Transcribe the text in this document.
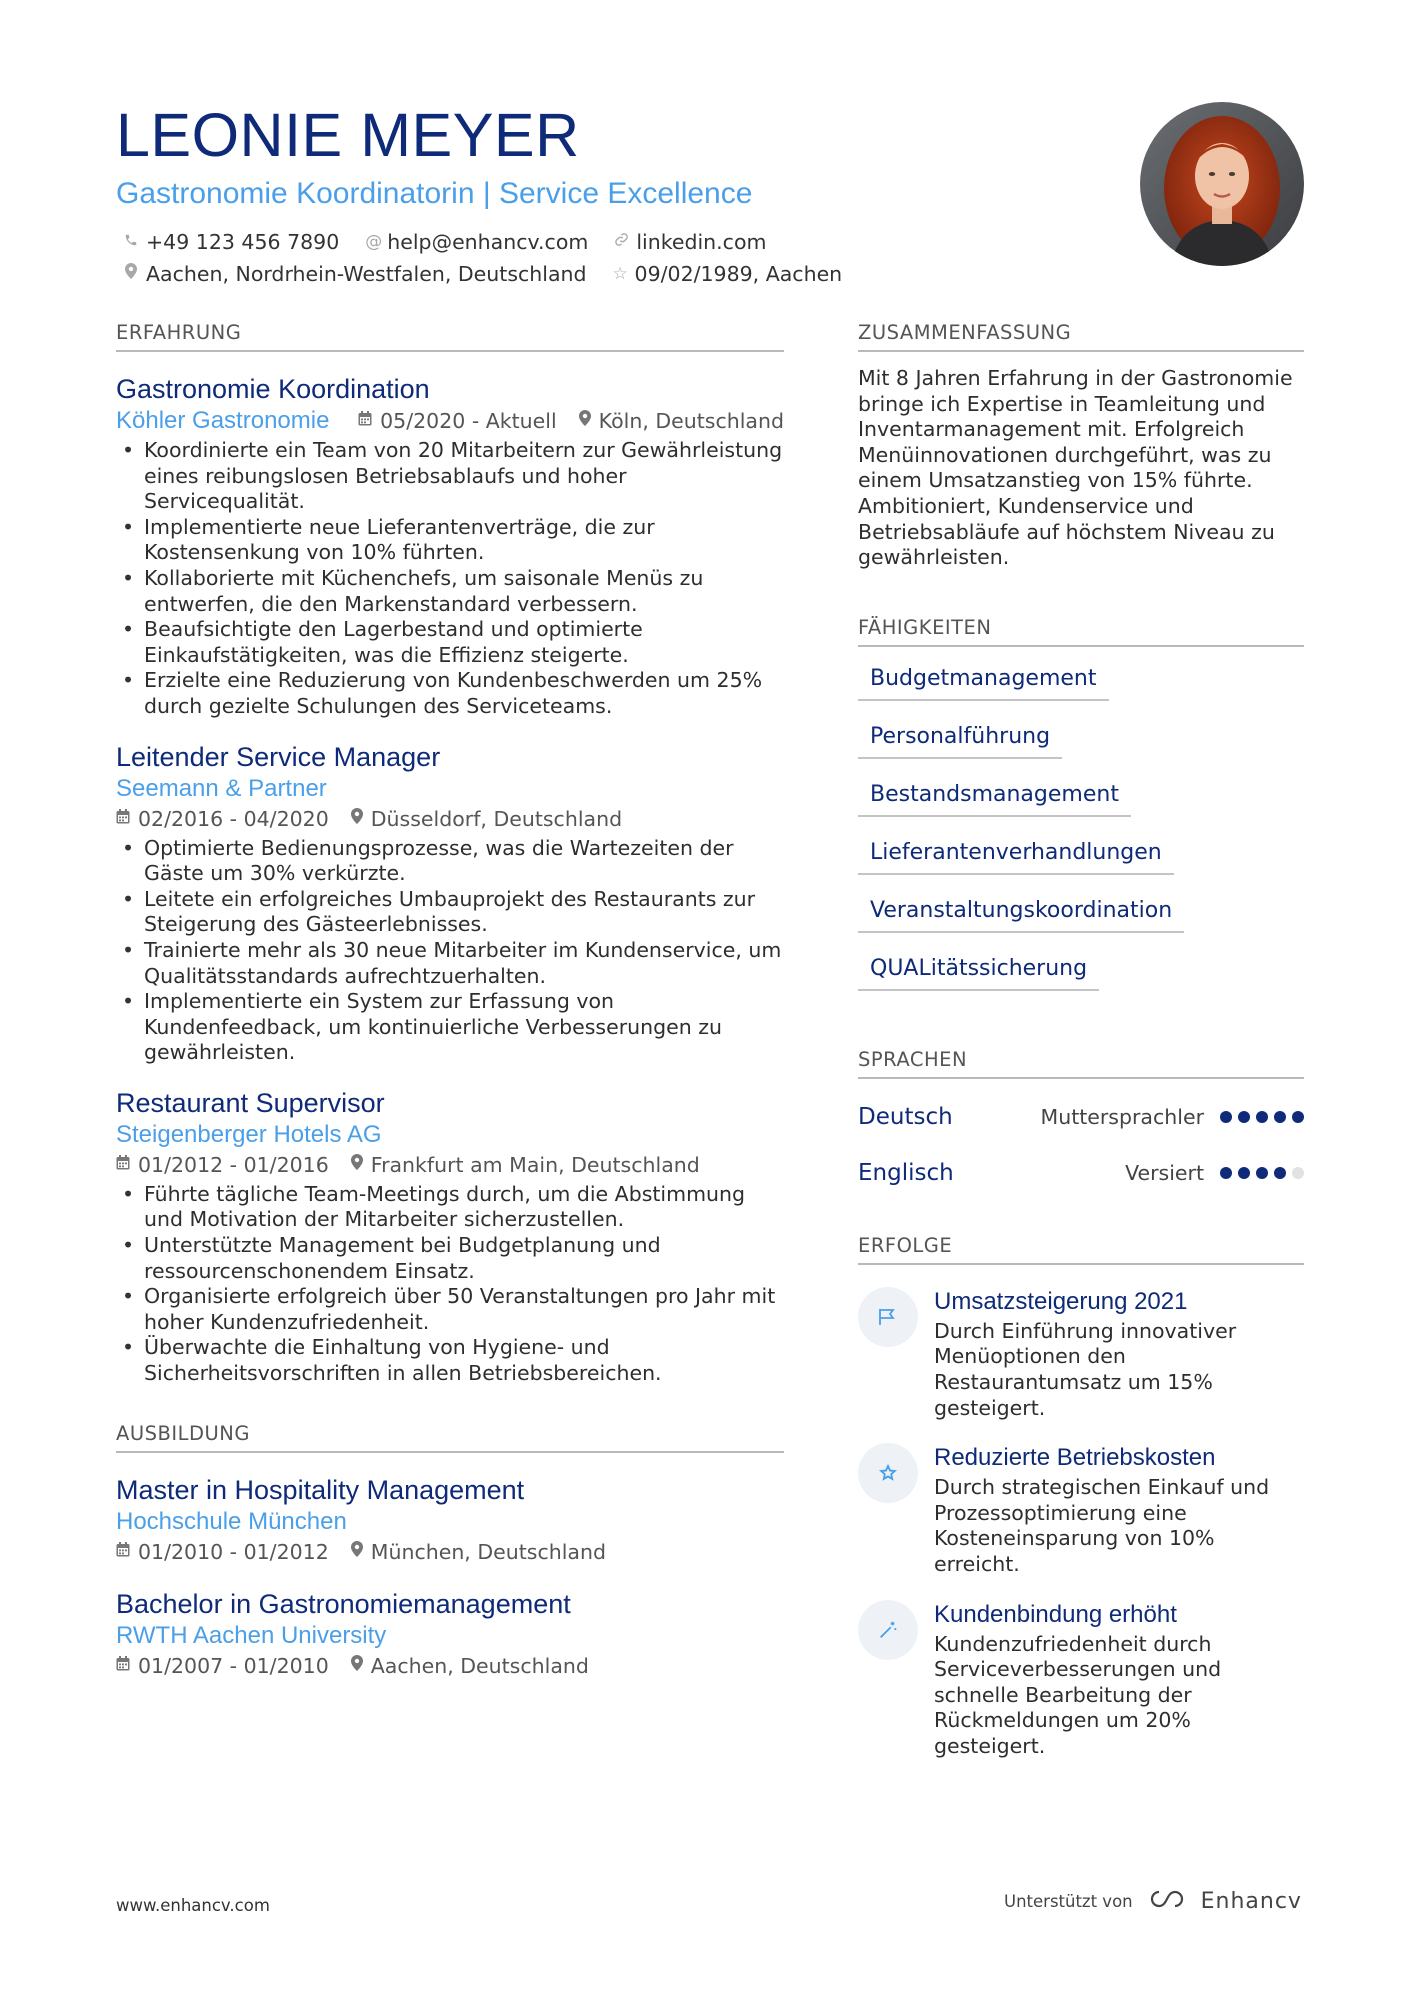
LEONIE MEYER
Gastronomie Koordinatorin | Service Excellence
+49 123 456 7890 @ help@enhancv.com linkedin.com
Aachen, Nordrhein-Westfalen, Deutschland ☆ 09/02/1989, Aachen
ERFAHRUNG
Gastronomie Koordination
Köhler Gastronomie 05/2020 - Aktuell Köln, Deutschland
• Koordinierte ein Team von 20 Mitarbeitern zur Gewährleistung eines reibungslosen Betriebsablaufs und hoher Servicequalität.
• Implementierte neue Lieferantenverträge, die zur Kostensenkung von 10% führten.
• Kollaborierte mit Küchenchefs, um saisonale Menüs zu entwerfen, die den Markenstandard verbessern.
• Beaufsichtigte den Lagerbestand und optimierte Einkaufstätigkeiten, was die Effizienz steigerte.
• Erzielte eine Reduzierung von Kundenbeschwerden um 25% durch gezielte Schulungen des Serviceteams.
Leitender Service Manager
Seemann & Partner
02/2016 - 04/2020 Düsseldorf, Deutschland
• Optimierte Bedienungsprozesse, was die Wartezeiten der Gäste um 30% verkürzte.
• Leitete ein erfolgreiches Umbauprojekt des Restaurants zur Steigerung des Gästeerlebnisses.
• Trainierte mehr als 30 neue Mitarbeiter im Kundenservice, um Qualitätsstandards aufrechtzuerhalten.
• Implementierte ein System zur Erfassung von Kundenfeedback, um kontinuierliche Verbesserungen zu gewährleisten.
Restaurant Supervisor
Steigenberger Hotels AG
01/2012 - 01/2016 Frankfurt am Main, Deutschland
• Führte tägliche Team-Meetings durch, um die Abstimmung und Motivation der Mitarbeiter sicherzustellen.
• Unterstützte Management bei Budgetplanung und ressourcenschonendem Einsatz.
• Organisierte erfolgreich über 50 Veranstaltungen pro Jahr mit hoher Kundenzufriedenheit.
• Überwachte die Einhaltung von Hygiene- und Sicherheitsvorschriften in allen Betriebsbereichen.
AUSBILDUNG
Master in Hospitality Management
Hochschule München
01/2010 - 01/2012 München, Deutschland
Bachelor in Gastronomiemanagement
RWTH Aachen University
01/2007 - 01/2010 Aachen, Deutschland
ZUSAMMENFASSUNG
Mit 8 Jahren Erfahrung in der Gastronomie bringe ich Expertise in Teamleitung und Inventarmanagement mit. Erfolgreich Menüinnovationen durchgeführt, was zu einem Umsatzanstieg von 15% führte. Ambitioniert, Kundenservice und Betriebsabläufe auf höchstem Niveau zu gewährleisten.
FÄHIGKEITEN
Budgetmanagement
Personalführung
Bestandsmanagement
Lieferantenverhandlungen
Veranstaltungskoordination
QUALitätssicherung
SPRACHEN
Deutsch	Muttersprachler
Englisch	Versiert
ERFOLGE
Umsatzsteigerung 2021
Durch Einführung innovativer Menüoptionen den Restaurantumsatz um 15% gesteigert.
Reduzierte Betriebskosten
Durch strategischen Einkauf und Prozessoptimierung eine Kosteneinsparung von 10% erreicht.
Kundenbindung erhöht
Kundenzufriedenheit durch Serviceverbesserungen und schnelle Bearbeitung der Rückmeldungen um 20% gesteigert.
www.enhancv.com	Unterstützt von	Enhancv
